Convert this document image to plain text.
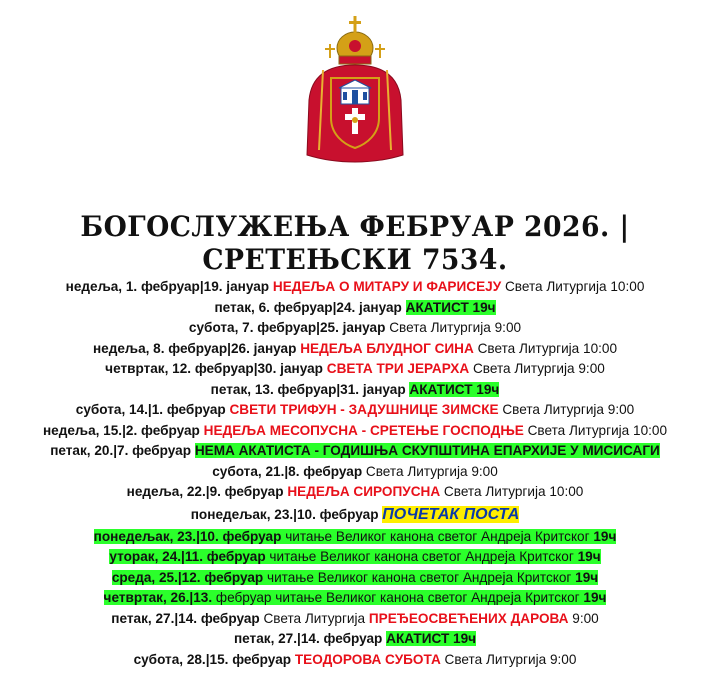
БОГОСЛУЖЕЊА ФЕБРУАР 2026. | СРЕТЕЊСКИ 7534.
недеља, 1. фебруар|19. јануар НЕДЕЉА О МИТАРУ И ФАРИСЕЈУ Света Литургија 10:00
петак, 6. фебруар|24. јануар АКАТИСТ 19ч
субота, 7. фебруар|25. јануар Света Литургија 9:00
недеља, 8. фебруар|26. јануар НЕДЕЉА БЛУДНОГ СИНА Света Литургија 10:00
четвртак, 12. фебруар|30. јануар СВЕТА ТРИ ЈЕРАРХА Света Литургија 9:00
петак, 13. фебруар|31. јануар АКАТИСТ 19ч
субота, 14.|1. фебруар СВЕТИ ТРИФУН - ЗАДУШНИЦЕ ЗИМСКЕ Света Литургија 9:00
недеља, 15.|2. фебруар НЕДЕЉА МЕСОПУСНА - СРЕТЕЊЕ ГОСПОДЊЕ Света Литургија 10:00
петак, 20.|7. фебруар НЕМА АКАТИСТА - ГОДИШЊА СКУПШТИНА ЕПАРХИЈЕ У МИСИСАГИ
субота, 21.|8. фебруар Света Литургија 9:00
недеља, 22.|9. фебруар НЕДЕЉА СИРОПУСНА Света Литургија 10:00
понедељак, 23.|10. фебруар ПОЧЕТАК ПОСТА
понедељак, 23.|10. фебруар читање Великог канона светог Андреја Критског 19ч
уторак, 24.|11. фебруар читање Великог канона светог Андреја Критског 19ч
среда, 25.|12. фебруар читање Великог канона светог Андреја Критског 19ч
четвртак, 26.|13. фебруар читање Великог канона светог Андреја Критског 19ч
петак, 27.|14. фебруар Света Литургија ПРЕЂЕОСВЕЋЕНИХ ДАРОВА 9:00
петак, 27.|14. фебруар АКАТИСТ 19ч
субота, 28.|15. фебруар ТЕОДОРОВА СУБОТА Света Литургија 9:00
